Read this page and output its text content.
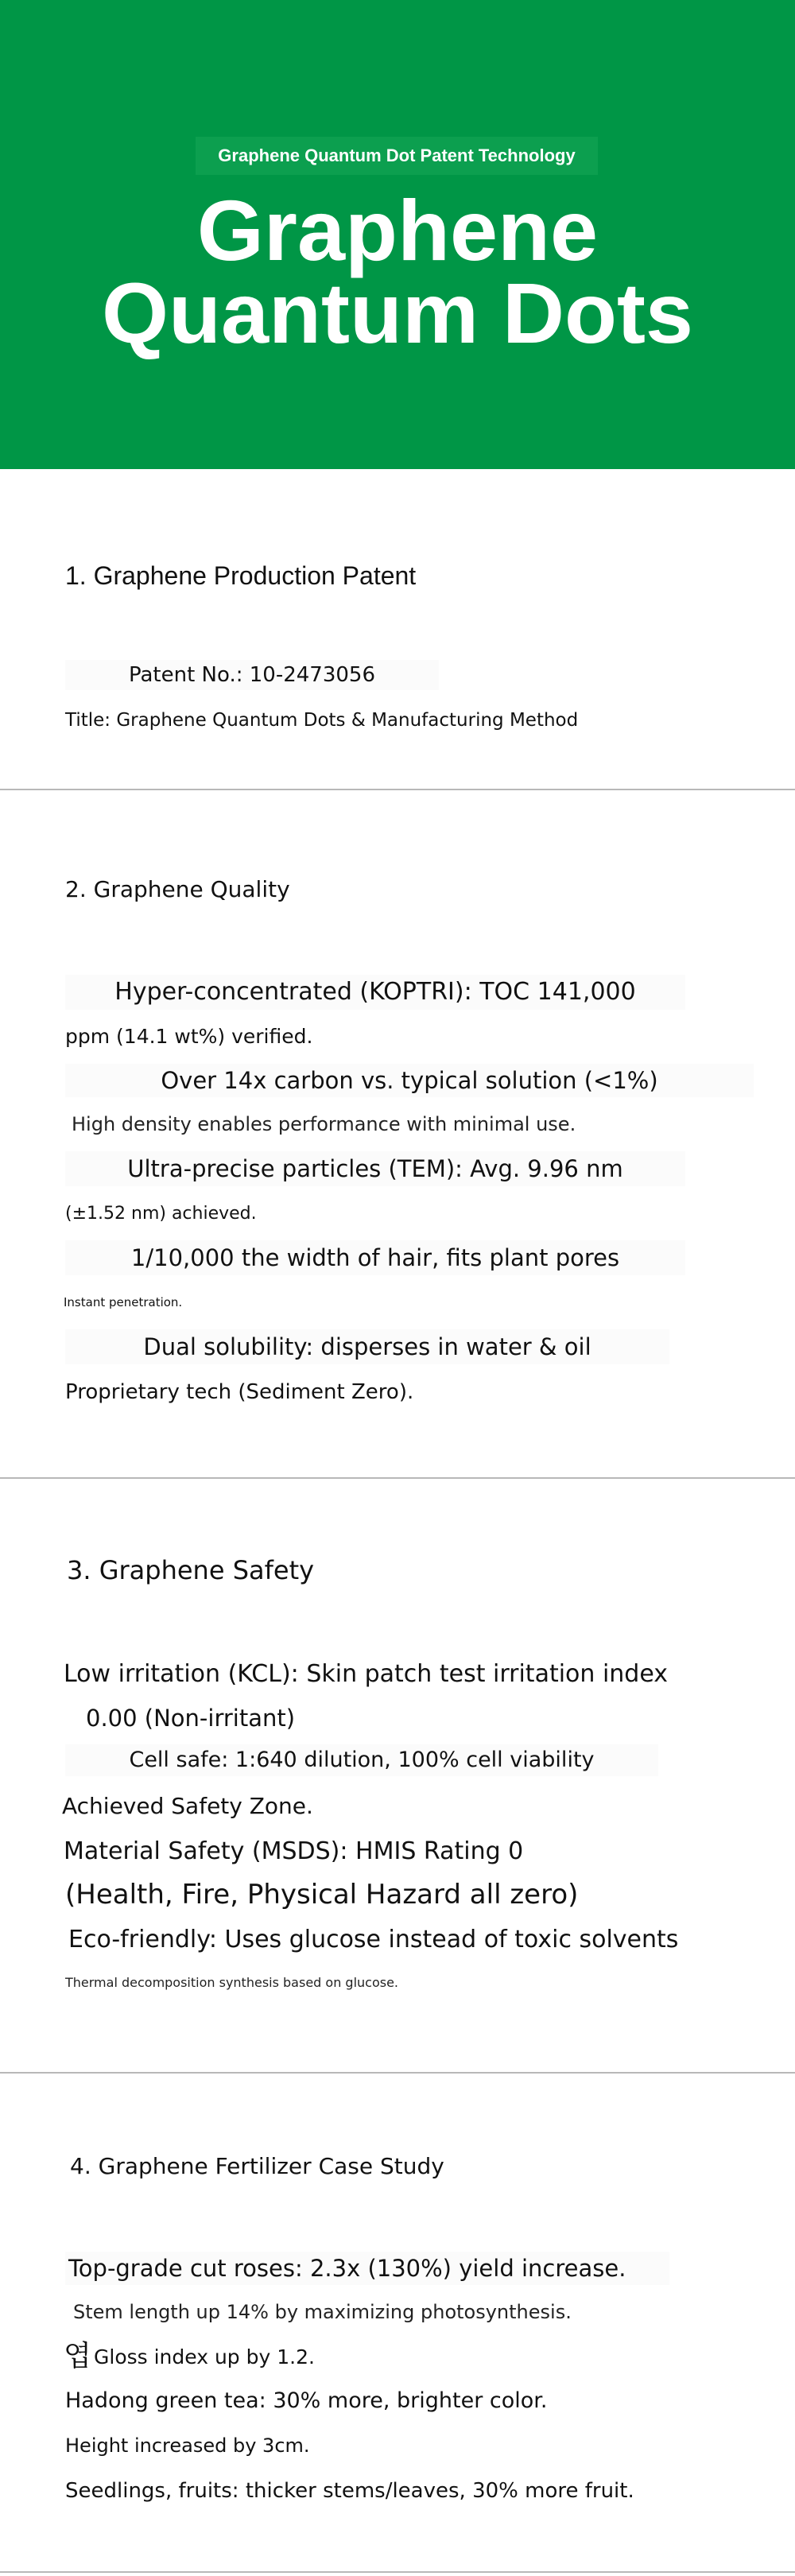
Graphene Quantum Dot Patent Technology
Graphene
Quantum Dots
1. Graphene Production Patent
Patent No.: 10-2473056
Title: Graphene Quantum Dots & Manufacturing Method
2. Graphene Quality
Hyper-concentrated (KOPTRI): TOC 141,000
ppm (14.1 wt%) verified.
Over 14x carbon vs. typical solution (<1%)
High density enables performance with minimal use.
Ultra-precise particles (TEM): Avg. 9.96 nm
(±1.52 nm) achieved.
1/10,000 the width of hair, fits plant pores
Instant penetration.
Dual solubility: disperses in water & oil
Proprietary tech (Sediment Zero).
3. Graphene Safety
Low irritation (KCL): Skin patch test irritation index
0.00 (Non-irritant)
Cell safe: 1:640 dilution, 100% cell viability
Achieved Safety Zone.
Material Safety (MSDS): HMIS Rating 0
(Health, Fire, Physical Hazard all zero)
Eco-friendly: Uses glucose instead of toxic solvents
Thermal decomposition synthesis based on glucose.
4. Graphene Fertilizer Case Study
Top-grade cut roses: 2.3x (130%) yield increase.
Stem length up 14% by maximizing photosynthesis.
엽 Gloss index up by 1.2.
Hadong green tea: 30% more, brighter color.
Height increased by 3cm.
Seedlings, fruits: thicker stems/leaves, 30% more fruit.
